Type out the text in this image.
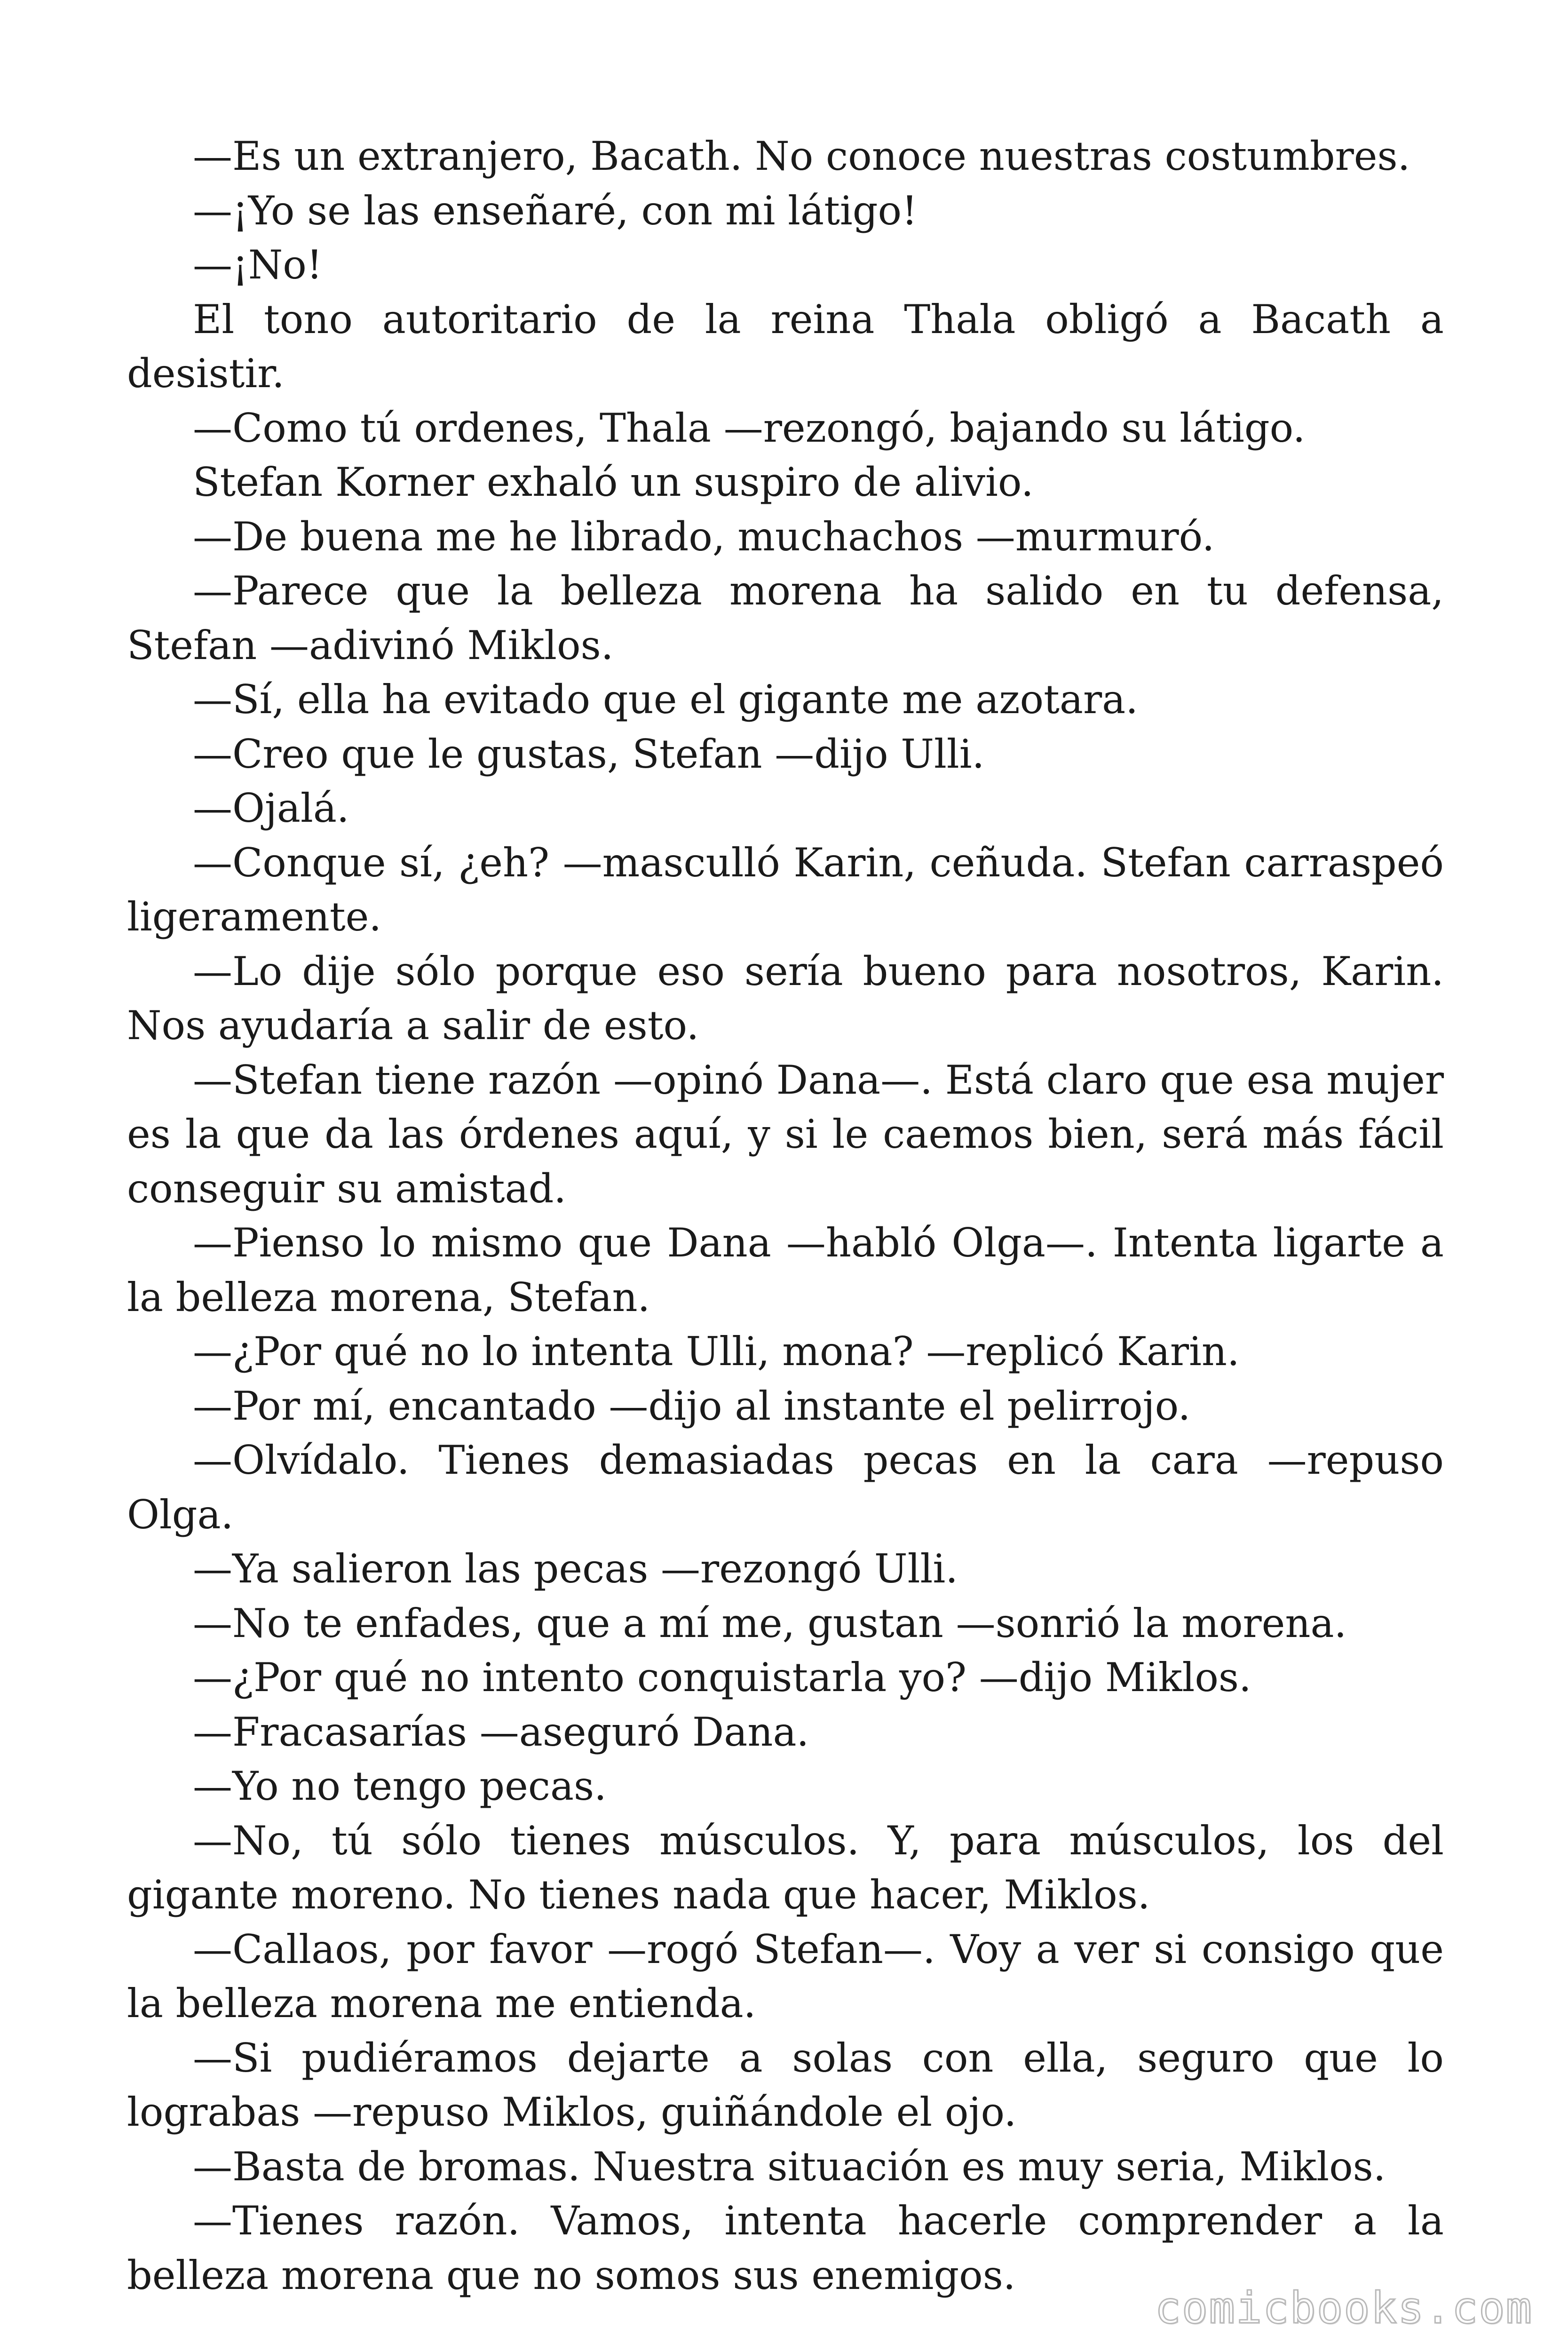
—Es un extranjero, Bacath. No conoce nuestras costumbres.

—¡Yo se las enseñaré, con mi látigo!

—¡No!

El tono autoritario de la reina Thala obligó a Bacath a desistir.

—Como tú ordenes, Thala —rezongó, bajando su látigo.

Stefan Korner exhaló un suspiro de alivio.

—De buena me he librado, muchachos —murmuró.

—Parece que la belleza morena ha salido en tu defensa, Stefan —adivinó Miklos.

—Sí, ella ha evitado que el gigante me azotara.

—Creo que le gustas, Stefan —dijo Ulli.

—Ojalá.

—Conque sí, ¿eh? —masculló Karin, ceñuda. Stefan carraspeó ligeramente.

—Lo dije sólo porque eso sería bueno para nosotros, Karin. Nos ayudaría a salir de esto.

—Stefan tiene razón —opinó Dana—. Está claro que esa mujer es la que da las órdenes aquí, y si le caemos bien, será más fácil conseguir su amistad.

—Pienso lo mismo que Dana —habló Olga—. Intenta ligarte a la belleza morena, Stefan.

—¿Por qué no lo intenta Ulli, mona? —replicó Karin.

—Por mí, encantado —dijo al instante el pelirrojo.

—Olvídalo. Tienes demasiadas pecas en la cara —repuso Olga.

—Ya salieron las pecas —rezongó Ulli.

—No te enfades, que a mí me, gustan —sonrió la morena.

—¿Por qué no intento conquistarla yo? —dijo Miklos.

—Fracasarías —aseguró Dana.

—Yo no tengo pecas.

—No, tú sólo tienes músculos. Y, para músculos, los del gigante moreno. No tienes nada que hacer, Miklos.

—Callaos, por favor —rogó Stefan—. Voy a ver si consigo que la belleza morena me entienda.

—Si pudiéramos dejarte a solas con ella, seguro que lo lograbas —repuso Miklos, guiñándole el ojo.

—Basta de bromas. Nuestra situación es muy seria, Miklos.

—Tienes razón. Vamos, intenta hacerle comprender a la belleza morena que no somos sus enemigos.

comicbooks.com
